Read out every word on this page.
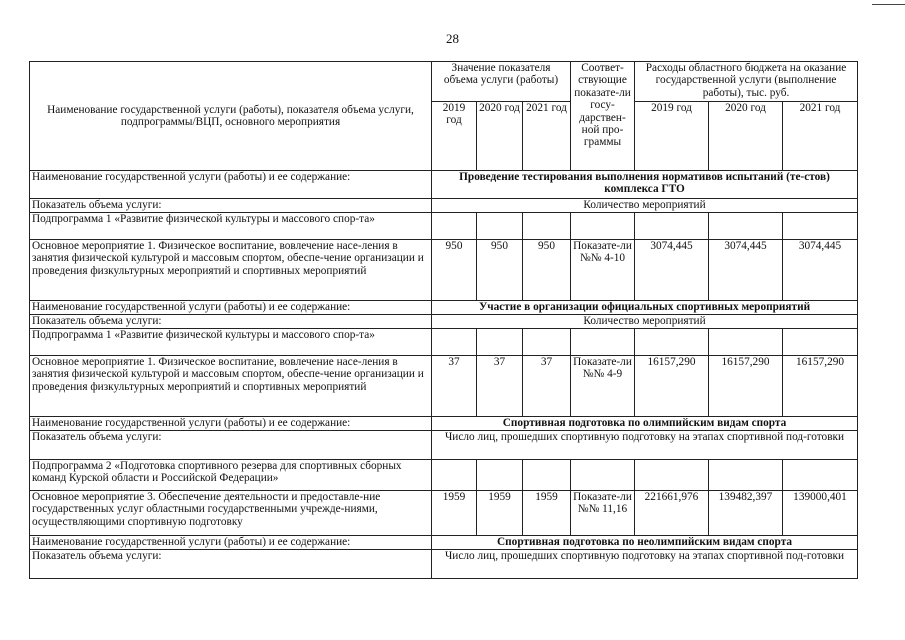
28
Наименование государственной услуги (работы), показателя объема услуги, подпрограммы/ВЦП, основного мероприятия	Значение показателя объема услуги (работы)			Соответ-ствующие показате-ли госу-дарствен-ной про-граммы	Расходы областного бюджета на оказание государственной услуги (выполнение работы), тыс. руб.		
	2019 год	2020 год	2021 год		2019 год	2020 год	2021 год
Наименование государственной услуги (работы) и ее содержание:	Проведение тестирования выполнения нормативов испытаний (те-стов) комплекса ГТО						
Показатель объема услуги:	Количество мероприятий						
Подпрограмма 1 «Развитие физической культуры и массового спор-та»							
Основное мероприятие 1. Физическое воспитание, вовлечение насе-ления в занятия физической культурой и массовым спортом, обеспе-чение организации и проведения физкультурных мероприятий и спортивных мероприятий	950	950	950	Показате-ли №№ 4-10	3074,445	3074,445	3074,445
Наименование государственной услуги (работы) и ее содержание:	Участие в организации официальных спортивных мероприятий						
Показатель объема услуги:	Количество мероприятий						
Подпрограмма 1 «Развитие физической культуры и массового спор-та»							
Основное мероприятие 1. Физическое воспитание, вовлечение насе-ления в занятия физической культурой и массовым спортом, обеспе-чение организации и проведения физкультурных мероприятий и спортивных мероприятий	37	37	37	Показате-ли №№ 4-9	16157,290	16157,290	16157,290
Наименование государственной услуги (работы) и ее содержание:	Спортивная подготовка по олимпийским видам спорта						
Показатель объема услуги:	Число лиц, прошедших спортивную подготовку на этапах спортивной под-готовки						
Подпрограмма 2 «Подготовка спортивного резерва для спортивных сборных команд Курской области и Российской Федерации»							
Основное мероприятие 3. Обеспечение деятельности и предоставле-ние государственных услуг областными государственными учрежде-ниями, осуществляющими спортивную подготовку	1959	1959	1959	Показате-ли №№ 11,16	221661,976	139482,397	139000,401
Наименование государственной услуги (работы) и ее содержание:	Спортивная подготовка по неолимпийским видам спорта						
Показатель объема услуги:	Число лиц, прошедших спортивную подготовку на этапах спортивной под-готовки						
